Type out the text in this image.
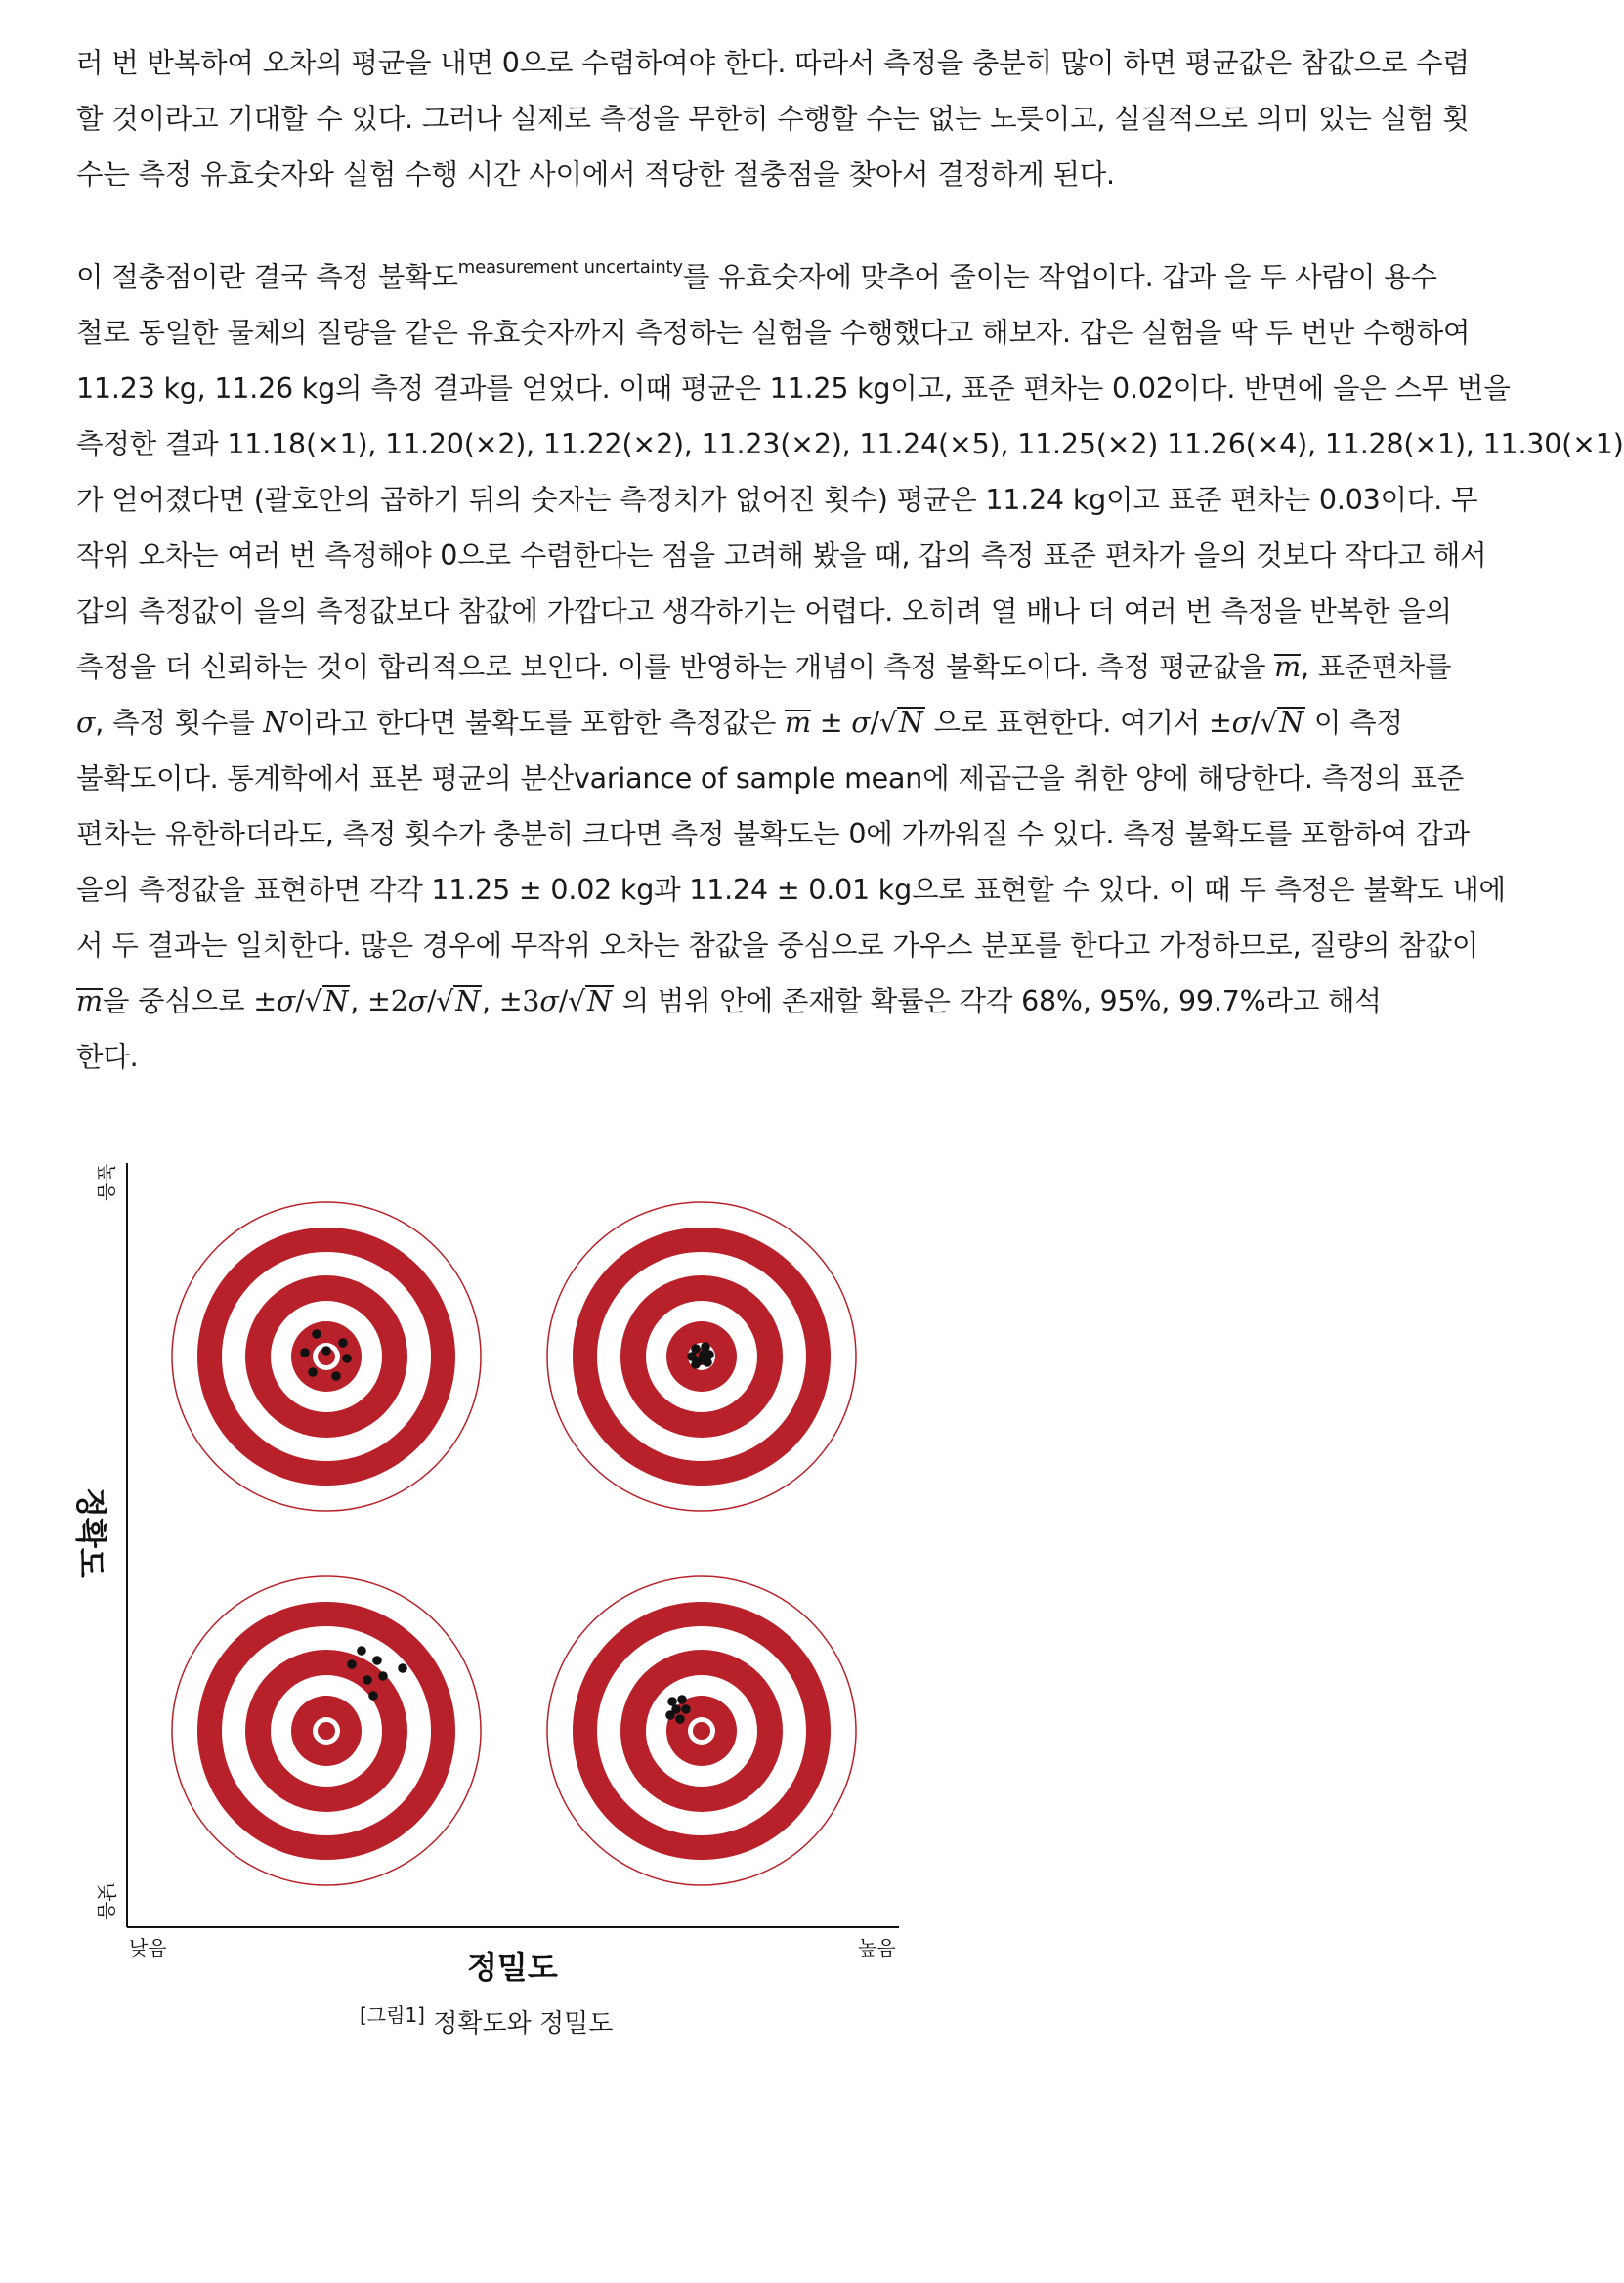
러 번 반복하여 오차의 평균을 내면 0으로 수렴하여야 한다. 따라서 측정을 충분히 많이 하면 평균값은 참값으로 수렴
할 것이라고 기대할 수 있다. 그러나 실제로 측정을 무한히 수행할 수는 없는 노릇이고, 실질적으로 의미 있는 실험 횟
수는 측정 유효숫자와 실험 수행 시간 사이에서 적당한 절충점을 찾아서 결정하게 된다.
이 절충점이란 결국 측정 불확도$^{measurement uncertainty}$를 유효숫자에 맞추어 줄이는 작업이다. 갑과 을 두 사람이 용수
철로 동일한 물체의 질량을 같은 유효숫자까지 측정하는 실험을 수행했다고 해보자. 갑은 실험을 딱 두 번만 수행하여
11.23 kg, 11.26 kg의 측정 결과를 얻었다. 이때 평균은 11.25 kg이고, 표준 편차는 0.02이다. 반면에 을은 스무 번을
측정한 결과 11.18(×1), 11.20(×2), 11.22(×2), 11.23(×2), 11.24(×5), 11.25(×2) 11.26(×4), 11.28(×1), 11.30(×1)
가 얻어졌다면 (괄호안의 곱하기 뒤의 숫자는 측정치가 없어진 횟수) 평균은 11.24 kg이고 표준 편차는 0.03이다. 무
작위 오차는 여러 번 측정해야 0으로 수렴한다는 점을 고려해 봤을 때, 갑의 측정 표준 편차가 을의 것보다 작다고 해서
갑의 측정값이 을의 측정값보다 참값에 가깝다고 생각하기는 어렵다. 오히려 열 배나 더 여러 번 측정을 반복한 을의
측정을 더 신뢰하는 것이 합리적으로 보인다. 이를 반영하는 개념이 측정 불확도이다. 측정 평균값을 m, 표준편차를
σ, 측정 횟수를 N이라고 한다면 불확도를 포함한 측정값은 m ± σ/√N 으로 표현한다. 여기서 ±σ/√N 이 측정
불확도이다. 통계학에서 표본 평균의 분산variance of sample mean에 제곱근을 취한 양에 해당한다. 측정의 표준
편차는 유한하더라도, 측정 횟수가 충분히 크다면 측정 불확도는 0에 가까워질 수 있다. 측정 불확도를 포함하여 갑과
을의 측정값을 표현하면 각각 11.25 ± 0.02 kg과 11.24 ± 0.01 kg으로 표현할 수 있다. 이 때 두 측정은 불확도 내에
서 두 결과는 일치한다. 많은 경우에 무작위 오차는 참값을 중심으로 가우스 분포를 한다고 가정하므로, 질량의 참값이
m을 중심으로 ±σ/√N, ±2σ/√N, ±3σ/√N 의 범위 안에 존재할 확률은 각각 68%, 95%, 99.7%라고 해석
한다.
높음
낮음
정확도
낮음	높음
정밀도
[그림1] 정확도와 정밀도
